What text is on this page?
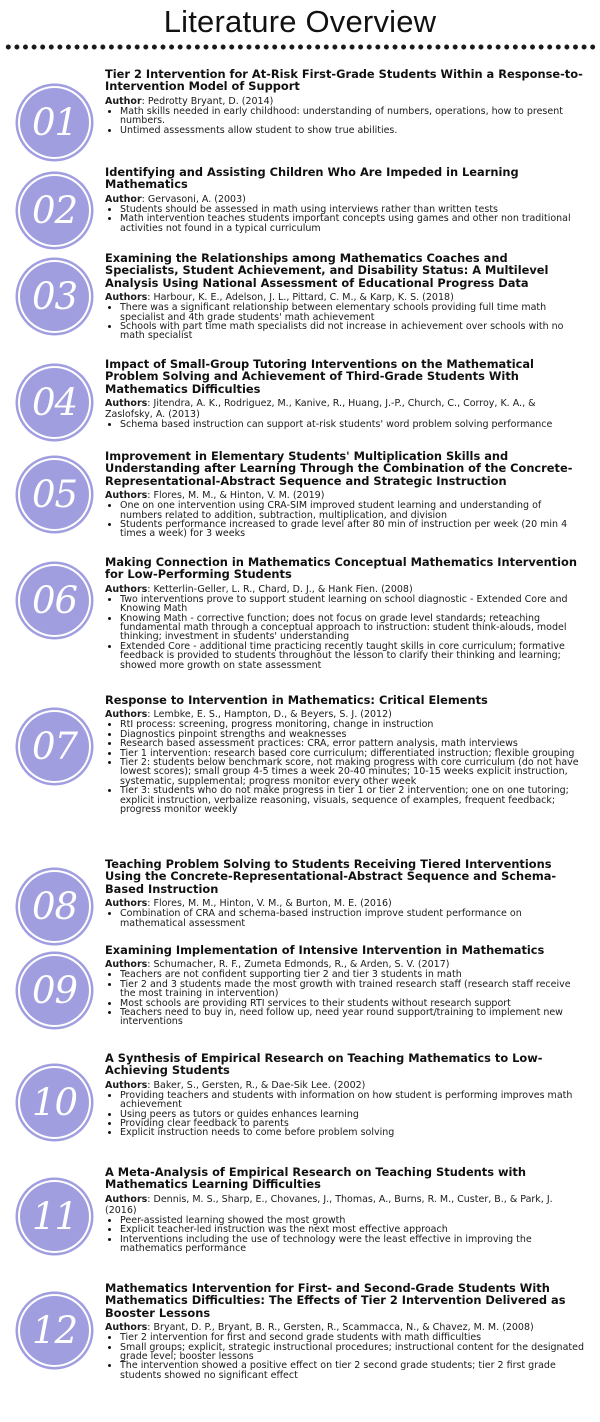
Literature Overview
01
Tier 2 Intervention for At-Risk First-Grade Students Within a Response-to-Intervention Model of Support
Author: Pedrotty Bryant, D. (2014)
• Math skills needed in early childhood: understanding of numbers, operations, how to present numbers.
• Untimed assessments allow student to show true abilities.
02
Identifying and Assisting Children Who Are Impeded in Learning Mathematics
Author: Gervasoni, A. (2003)
• Students should be assessed in math using interviews rather than written tests
• Math intervention teaches students important concepts using games and other non traditional activities not found in a typical curriculum
03
Examining the Relationships among Mathematics Coaches and Specialists, Student Achievement, and Disability Status: A Multilevel Analysis Using National Assessment of Educational Progress Data
Authors: Harbour, K. E., Adelson, J. L., Pittard, C. M., & Karp, K. S. (2018)
• There was a significant relationship between elementary schools providing full time math specialist and 4th grade students' math achievement
• Schools with part time math specialists did not increase in achievement over schools with no math specialist
04
Impact of Small-Group Tutoring Interventions on the Mathematical Problem Solving and Achievement of Third-Grade Students With Mathematics Difficulties
Authors: Jitendra, A. K., Rodriguez, M., Kanive, R., Huang, J.-P., Church, C., Corroy, K. A., & Zaslofsky, A. (2013)
• Schema based instruction can support at-risk students' word problem solving performance
05
Improvement in Elementary Students' Multiplication Skills and Understanding after Learning Through the Combination of the Concrete-Representational-Abstract Sequence and Strategic Instruction
Authors: Flores, M. M., & Hinton, V. M. (2019)
• One on one intervention using CRA-SIM improved student learning and understanding of numbers related to addition, subtraction, multiplication, and division
• Students performance increased to grade level after 80 min of instruction per week (20 min 4 times a week) for 3 weeks
06
Making Connection in Mathematics Conceptual Mathematics Intervention for Low-Performing Students
Authors: Ketterlin-Geller, L. R., Chard, D. J., & Hank Fien. (2008)
• Two interventions prove to support student learning on school diagnostic - Extended Core and Knowing Math
• Knowing Math - corrective function; does not focus on grade level standards; reteaching fundamental math through a conceptual approach to instruction: student think-alouds, model thinking; investment in students' understanding
• Extended Core - additional time practicing recently taught skills in core curriculum; formative feedback is provided to students throughout the lesson to clarify their thinking and learning; showed more growth on state assessment
07
Response to Intervention in Mathematics: Critical Elements
Authors: Lembke, E. S., Hampton, D., & Beyers, S. J. (2012)
• RtI process: screening, progress monitoring, change in instruction
• Diagnostics pinpoint strengths and weaknesses
• Research based assessment practices: CRA, error pattern analysis, math interviews
• Tier 1 intervention: research based core curriculum; differentiated instruction; flexible grouping
• Tier 2: students below benchmark score, not making progress with core curriculum (do not have lowest scores); small group 4-5 times a week 20-40 minutes; 10-15 weeks explicit instruction, systematic, supplemental; progress monitor every other week
• Tier 3: students who do not make progress in tier 1 or tier 2 intervention; one on one tutoring; explicit instruction, verbalize reasoning, visuals, sequence of examples, frequent feedback; progress monitor weekly
08
Teaching Problem Solving to Students Receiving Tiered Interventions Using the Concrete-Representational-Abstract Sequence and Schema-Based Instruction
Authors: Flores, M. M., Hinton, V. M., & Burton, M. E. (2016)
• Combination of CRA and schema-based instruction improve student performance on mathematical assessment
09
Examining Implementation of Intensive Intervention in Mathematics
Authors: Schumacher, R. F., Zumeta Edmonds, R., & Arden, S. V. (2017)
• Teachers are not confident supporting tier 2 and tier 3 students in math
• Tier 2 and 3 students made the most growth with trained research staff (research staff receive the most training in intervention)
• Most schools are providing RTI services to their students without research support
• Teachers need to buy in, need follow up, need year round support/training to implement new interventions
10
A Synthesis of Empirical Research on Teaching Mathematics to Low-Achieving Students
Authors: Baker, S., Gersten, R., & Dae-Sik Lee. (2002)
• Providing teachers and students with information on how student is performing improves math achievement
• Using peers as tutors or guides enhances learning
• Providing clear feedback to parents
• Explicit instruction needs to come before problem solving
11
A Meta-Analysis of Empirical Research on Teaching Students with Mathematics Learning Difficulties
Authors: Dennis, M. S., Sharp, E., Chovanes, J., Thomas, A., Burns, R. M., Custer, B., & Park, J. (2016)
• Peer-assisted learning showed the most growth
• Explicit teacher-led instruction was the next most effective approach
• Interventions including the use of technology were the least effective in improving the mathematics performance
12
Mathematics Intervention for First- and Second-Grade Students With Mathematics Difficulties: The Effects of Tier 2 Intervention Delivered as Booster Lessons
Authors: Bryant, D. P., Bryant, B. R., Gersten, R., Scammacca, N., & Chavez, M. M. (2008)
• Tier 2 intervention for first and second grade students with math difficulties
• Small groups; explicit, strategic instructional procedures; instructional content for the designated grade level; booster lessons
• The intervention showed a positive effect on tier 2 second grade students; tier 2 first grade students showed no significant effect
